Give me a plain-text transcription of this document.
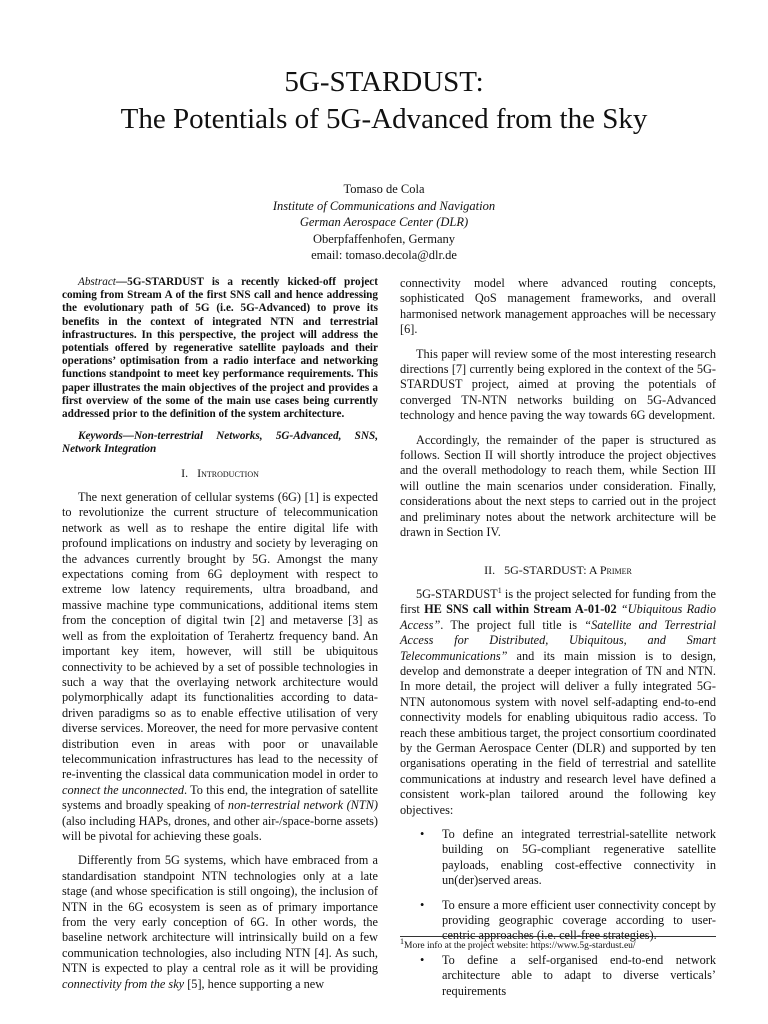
5G-STARDUST:
The Potentials of 5G-Advanced from the Sky
Tomaso de Cola
Institute of Communications and Navigation
German Aerospace Center (DLR)
Oberpfaffenhofen, Germany
email: tomaso.decola@dlr.de

Abstract—5G-STARDUST is a recently kicked-off project coming from Stream A of the first SNS call and hence addressing the evolutionary path of 5G (i.e. 5G-Advanced) to prove its benefits in the context of integrated NTN and terrestrial infrastructures. In this perspective, the project will address the potentials offered by regenerative satellite payloads and their operations’ optimisation from a radio interface and networking functions standpoint to meet key performance requirements. This paper illustrates the main objectives of the project and provides a first overview of the some of the main use cases being currently addressed prior to the definition of the system architecture.

Keywords—Non-terrestrial Networks, 5G-Advanced, SNS, Network Integration

I. Introduction

The next generation of cellular systems (6G) [1] is expected to revolutionize the current structure of telecommunication network as well as to reshape the entire digital life with profound implications on industry and society by leveraging on the advances currently brought by 5G. Amongst the many expectations coming from 6G deployment with respect to extreme low latency requirements, ultra broadband, and massive machine type communications, additional items stem from the conception of digital twin [2] and metaverse [3] as well as from the exploitation of Terahertz frequency band. An important key item, however, will still be ubiquitous connectivity to be achieved by a set of possible technologies in such a way that the overlaying network architecture would polymorphically adapt its functionalities according to data-driven paradigms so as to enable effective utilisation of very diverse services. Moreover, the need for more pervasive content distribution even in areas with poor or unavailable telecommunication infrastructures has lead to the necessity of re-inventing the classical data communication model in order to connect the unconnected. To this end, the integration of satellite systems and broadly speaking of non-terrestrial network (NTN) (also including HAPs, drones, and other air-/space-borne assets) will be pivotal for achieving these goals.

Differently from 5G systems, which have embraced from a standardisation standpoint NTN technologies only at a late stage (and whose specification is still ongoing), the inclusion of NTN in the 6G ecosystem is seen as of primary importance from the very early conception of 6G. In other words, the baseline network architecture will intrinsically build on a few communication technologies, also including NTN [4]. As such, NTN is expected to play a central role as it will be providing connectivity from the sky [5], hence supporting a new

connectivity model where advanced routing concepts, sophisticated QoS management frameworks, and overall harmonised network management approaches will be necessary [6].

This paper will review some of the most interesting research directions [7] currently being explored in the context of the 5G-STARDUST project, aimed at proving the potentials of converged TN-NTN networks building on 5G-Advanced technology and hence paving the way towards 6G development.

Accordingly, the remainder of the paper is structured as follows. Section II will shortly introduce the project objectives and the overall methodology to reach them, while Section III will outline the main scenarios under consideration. Finally, considerations about the next steps to carried out in the project and preliminary notes about the network architecture will be drawn in Section IV.

II. 5G-STARDUST: A Primer

5G-STARDUST$^1$ is the project selected for funding from the first HE SNS call within Stream A-01-02 “Ubiquitous Radio Access”. The project full title is “Satellite and Terrestrial Access for Distributed, Ubiquitous, and Smart Telecommunications” and its main mission is to design, develop and demonstrate a deeper integration of TN and NTN. In more detail, the project will deliver a fully integrated 5G-NTN autonomous system with novel self-adapting end-to-end connectivity models for enabling ubiquitous radio access. To reach these ambitious target, the project consortium coordinated by the German Aerospace Center (DLR) and supported by ten organisations operating in the field of terrestrial and satellite communications at industry and research level have defined a consistent work-plan tailored around the following key objectives:

• To define an integrated terrestrial-satellite network building on 5G-compliant regenerative satellite payloads, enabling cost-effective connectivity in un(der)served areas.
• To ensure a more efficient user connectivity concept by providing geographic coverage according to user-centric approaches (i.e. cell-free strategies).
• To define a self-organised end-to-end network architecture able to adapt to diverse verticals’ requirements
$^1$More info at the project website: https://www.5g-stardust.eu/
